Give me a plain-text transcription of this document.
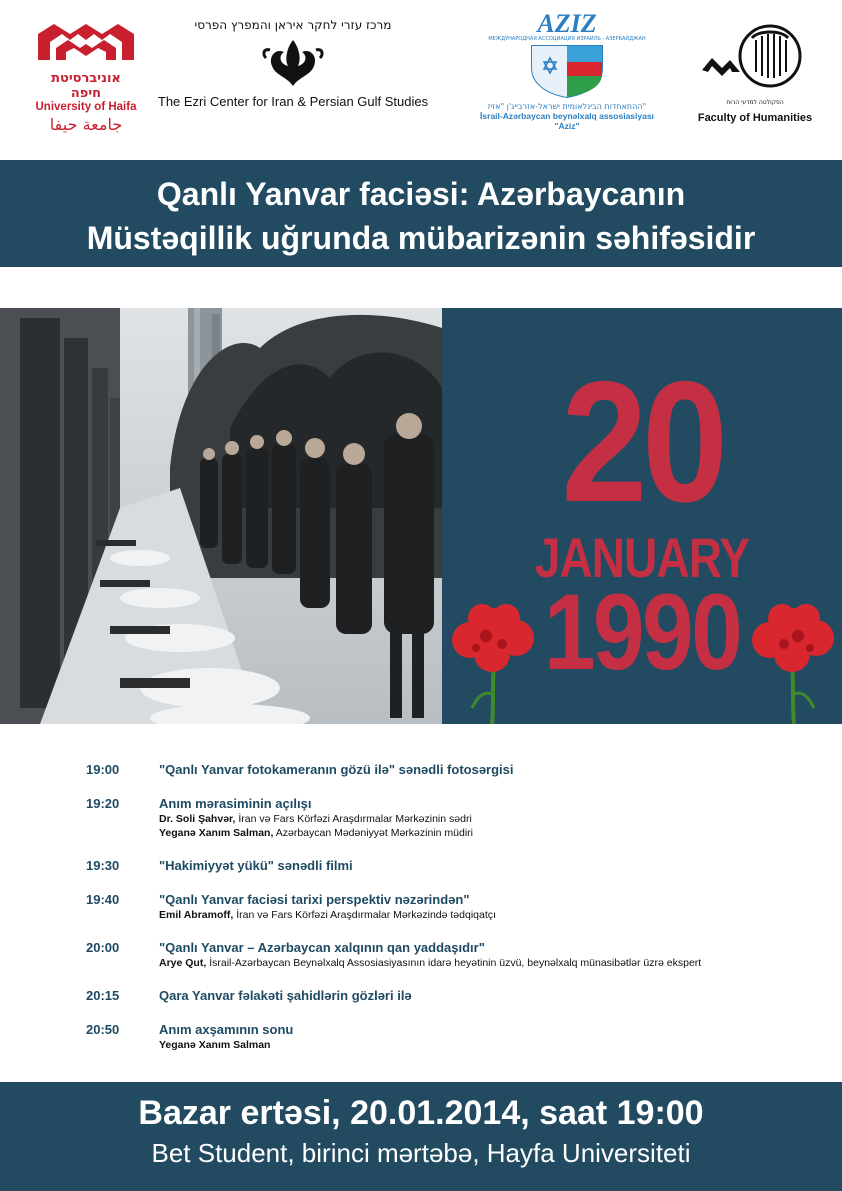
אוניברסיטת חיפה
University of Haifa
جامعة حيفا
מרכז עזרי לחקר איראן והמפרץ הפרסי
The Ezri Center for Iran & Persian Gulf Studies
AZIZ
МЕЖДУНАРОДНАЯ АССОЦИАЦИЯ ИЗРАИЛЬ - АЗЕРБАЙДЖАН
ההתאחדות הבינלאומית ישראל-אזרבייג'ן "אזיז"
İsrail-Azərbaycan beynəlxalq assosiasiyası "Aziz"
הפקולטה למדעי הרוח
Faculty of Humanities
Qanlı Yanvar faciəsi: Azərbaycanın
Müstəqillik uğrunda mübarizənin səhifəsidir
20
JANUARY
1990
19:00	"Qanlı Yanvar fotokameranın gözü ilə" sənədli fotosərgisi
19:20	Anım mərasiminin açılışı
Dr. Soli Şahvər, İran və Fars Körfəzi Araşdırmalar Mərkəzinin sədri
Yeganə Xanım Salman, Azərbaycan Mədəniyyət Mərkəzinin müdiri
19:30	"Hakimiyyət yükü" sənədli filmi
19:40	"Qanlı Yanvar faciəsi tarixi perspektiv nəzərindən"
Emil Abramoff, İran və Fars Körfəzi Araşdırmalar Mərkəzində tədqiqatçı
20:00	"Qanlı Yanvar – Azərbaycan xalqının qan yaddaşıdır"
Arye Qut, İsrail-Azərbaycan Beynəlxalq Assosiasiyasının idarə heyətinin üzvü, beynəlxalq münasibətlər üzrə ekspert
20:15	Qara Yanvar fəlakəti şahidlərin gözləri ilə
20:50	Anım axşamının sonu
Yeganə Xanım Salman
Bazar ertəsi, 20.01.2014, saat 19:00
Bet Student, birinci mərtəbə, Hayfa Universiteti
